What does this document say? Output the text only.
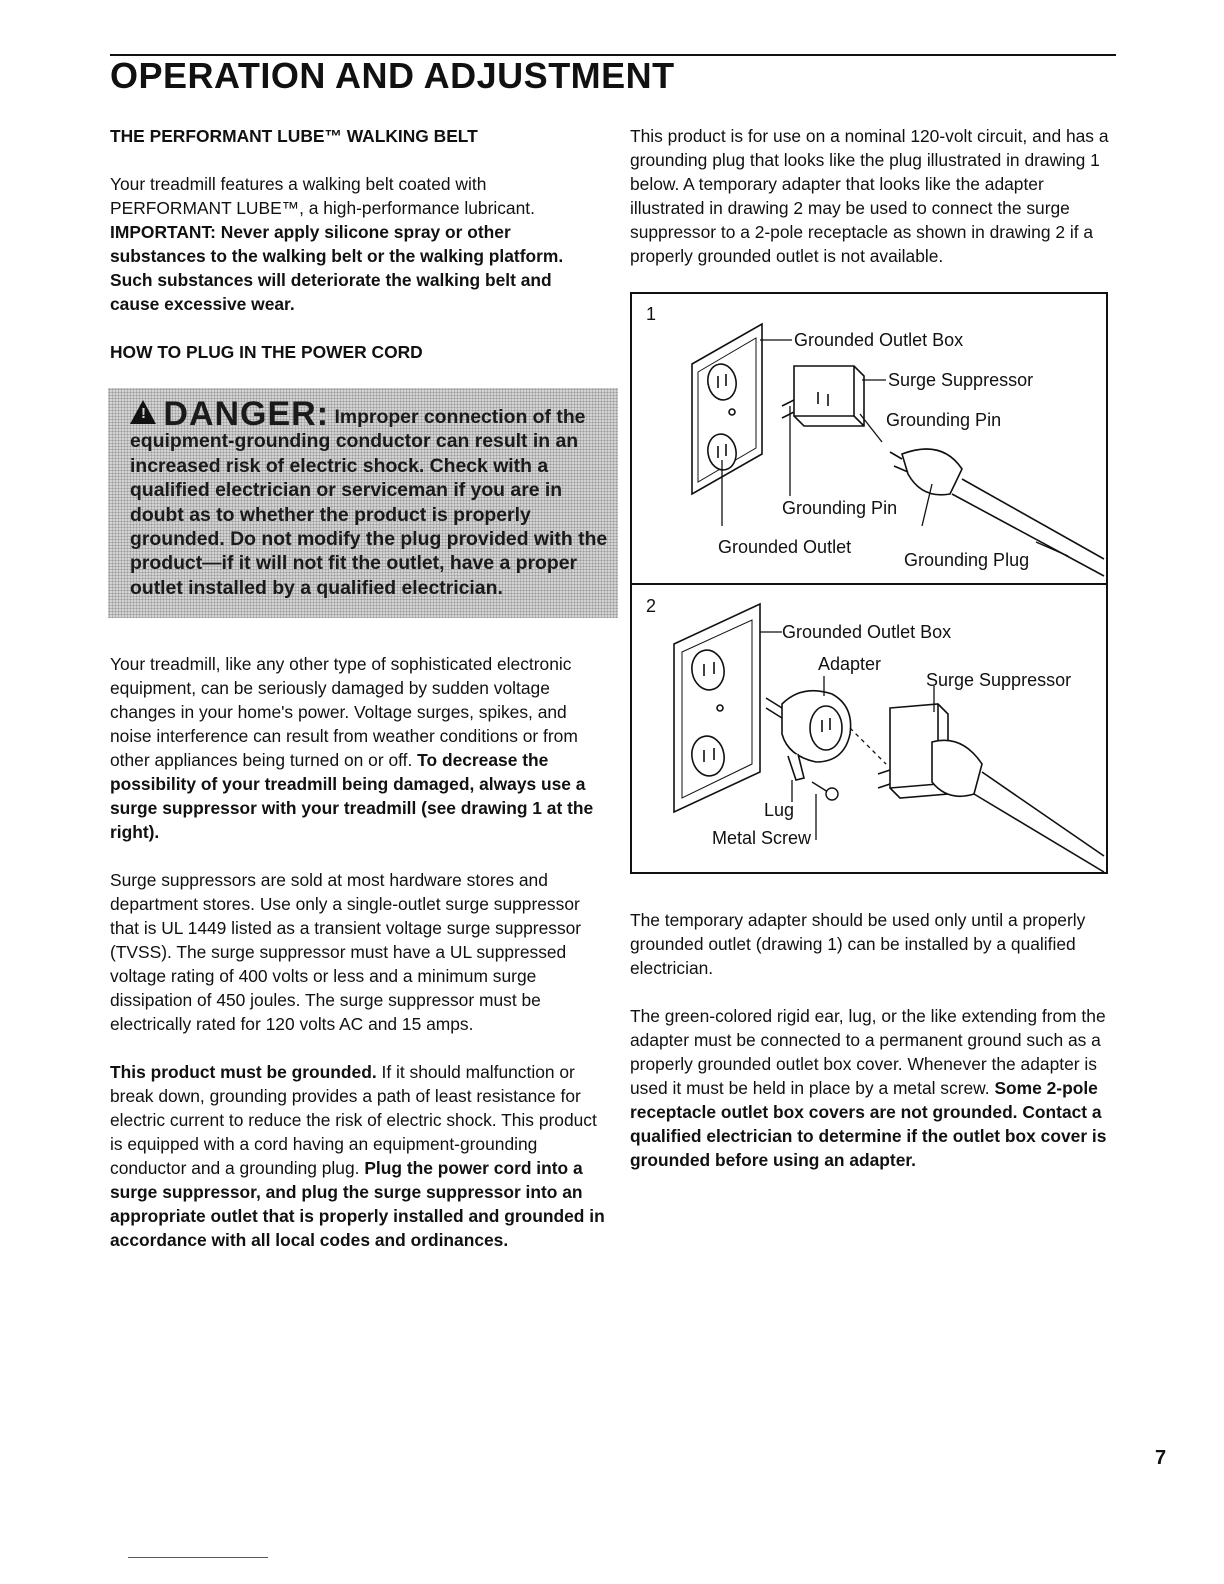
OPERATION AND ADJUSTMENT
THE PERFORMANT LUBE™ WALKING BELT

Your treadmill features a walking belt coated with PERFORMANT LUBE™, a high-performance lubricant. IMPORTANT: Never apply silicone spray or other substances to the walking belt or the walking platform. Such substances will deteriorate the walking belt and cause excessive wear.

HOW TO PLUG IN THE POWER CORD
! DANGER: Improper connection of the equipment-grounding conductor can result in an increased risk of electric shock. Check with a qualified electrician or serviceman if you are in doubt as to whether the product is properly grounded. Do not modify the plug provided with the product—if it will not fit the outlet, have a proper outlet installed by a qualified electrician.

Your treadmill, like any other type of sophisticated electronic equipment, can be seriously damaged by sudden voltage changes in your home's power. Voltage surges, spikes, and noise interference can result from weather conditions or from other appliances being turned on or off. To decrease the possibility of your treadmill being damaged, always use a surge suppressor with your treadmill (see drawing 1 at the right).

Surge suppressors are sold at most hardware stores and department stores. Use only a single-outlet surge suppressor that is UL 1449 listed as a transient voltage surge suppressor (TVSS). The surge suppressor must have a UL suppressed voltage rating of 400 volts or less and a minimum surge dissipation of 450 joules. The surge suppressor must be electrically rated for 120 volts AC and 15 amps.

This product must be grounded. If it should malfunction or break down, grounding provides a path of least resistance for electric current to reduce the risk of electric shock. This product is equipped with a cord having an equipment-grounding conductor and a grounding plug. Plug the power cord into a surge suppressor, and plug the surge suppressor into an appropriate outlet that is properly installed and grounded in accordance with all local codes and ordinances.

This product is for use on a nominal 120-volt circuit, and has a grounding plug that looks like the plug illustrated in drawing 1 below. A temporary adapter that looks like the adapter illustrated in drawing 2 may be used to connect the surge suppressor to a 2-pole receptacle as shown in drawing 2 if a properly grounded outlet is not available.

1
Grounded Outlet Box
Surge Suppressor
Grounding Pin
Grounding Pin
Grounded Outlet
Grounding Plug
2
Grounded Outlet Box
Adapter
Surge Suppressor
Lug
Metal Screw

The temporary adapter should be used only until a properly grounded outlet (drawing 1) can be installed by a qualified electrician.

The green-colored rigid ear, lug, or the like extending from the adapter must be connected to a permanent ground such as a properly grounded outlet box cover. Whenever the adapter is used it must be held in place by a metal screw. Some 2-pole receptacle outlet box covers are not grounded. Contact a qualified electrician to determine if the outlet box cover is grounded before using an adapter.

7
